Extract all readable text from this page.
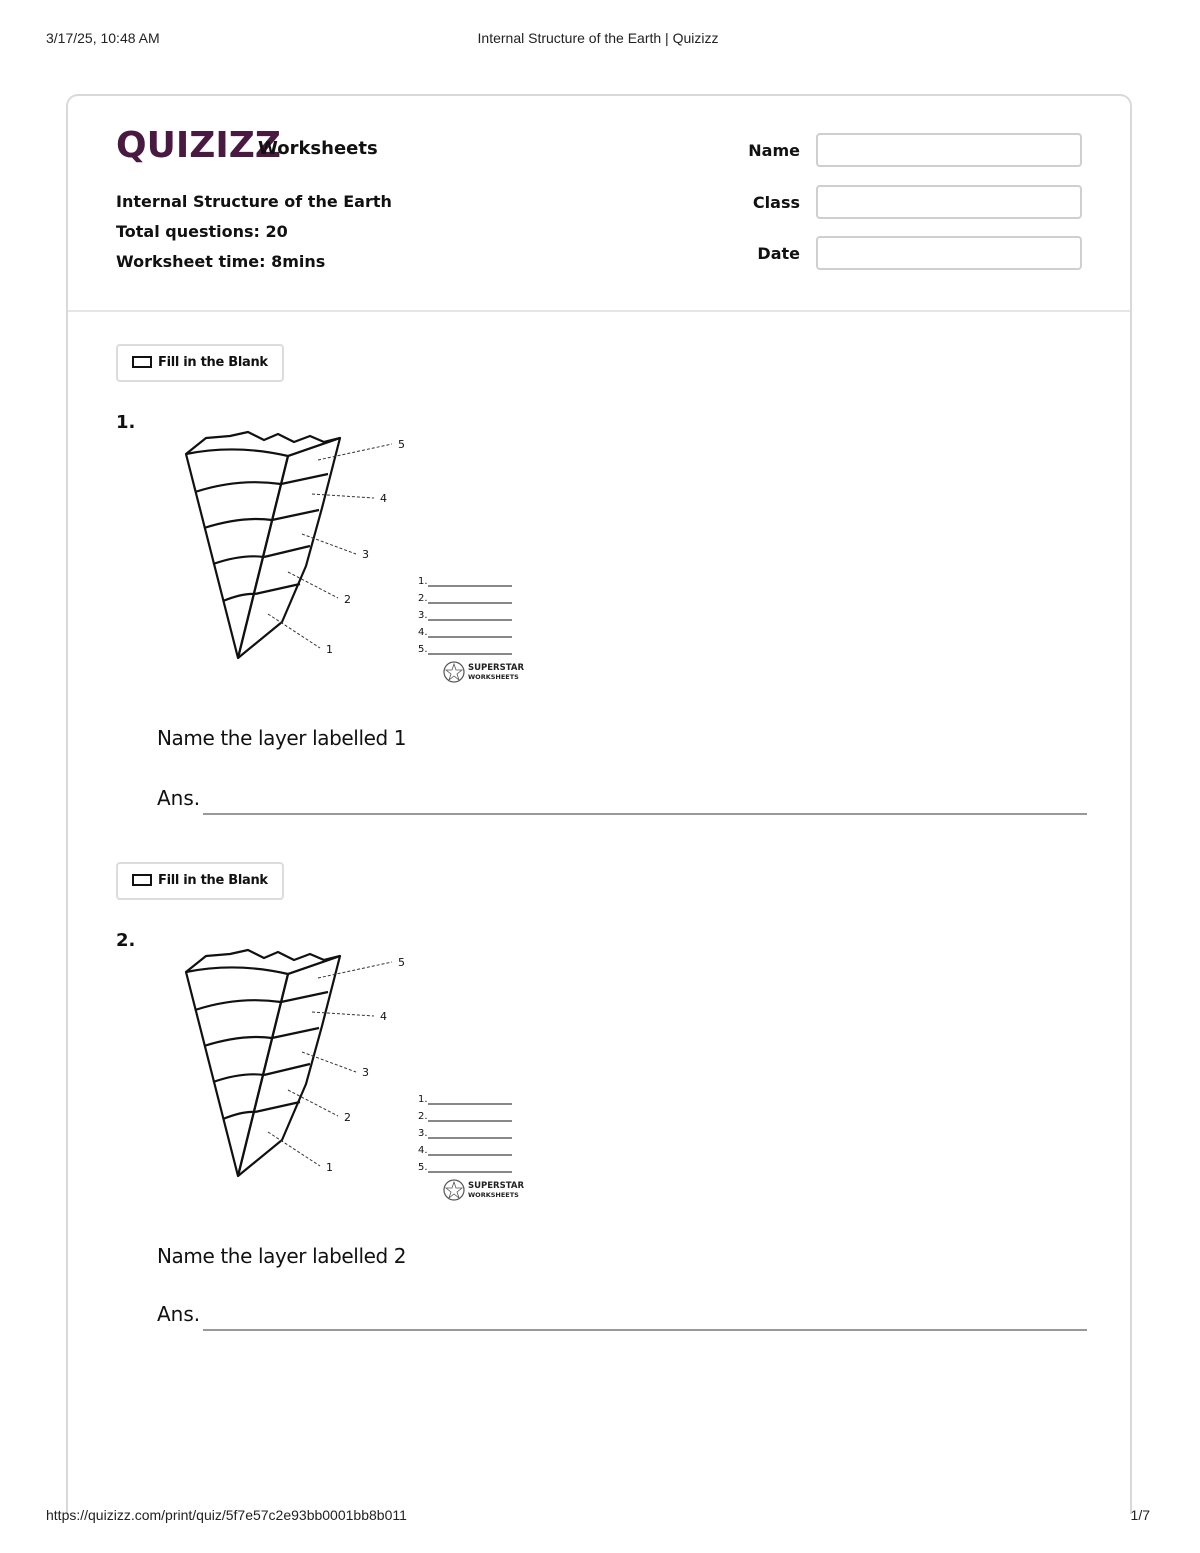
3/17/25, 10:48 AM	Internal Structure of the Earth | Quizizz
QUIZIZZ
Worksheets
Internal Structure of the Earth
Total questions: 20
Worksheet time: 8mins
Name
Class
Date
Fill in the Blank
1.
5
4
3
2
1
1.
2.
3.
4.
5.
SUPERSTAR
WORKSHEETS
Name the layer labelled 1
Ans.
Fill in the Blank
2.
5
4
3
2
1
1.
2.
3.
4.
5.
SUPERSTAR
WORKSHEETS
Name the layer labelled 2
Ans.
https://quizizz.com/print/quiz/5f7e57c2e93bb0001bb8b011	1/7
